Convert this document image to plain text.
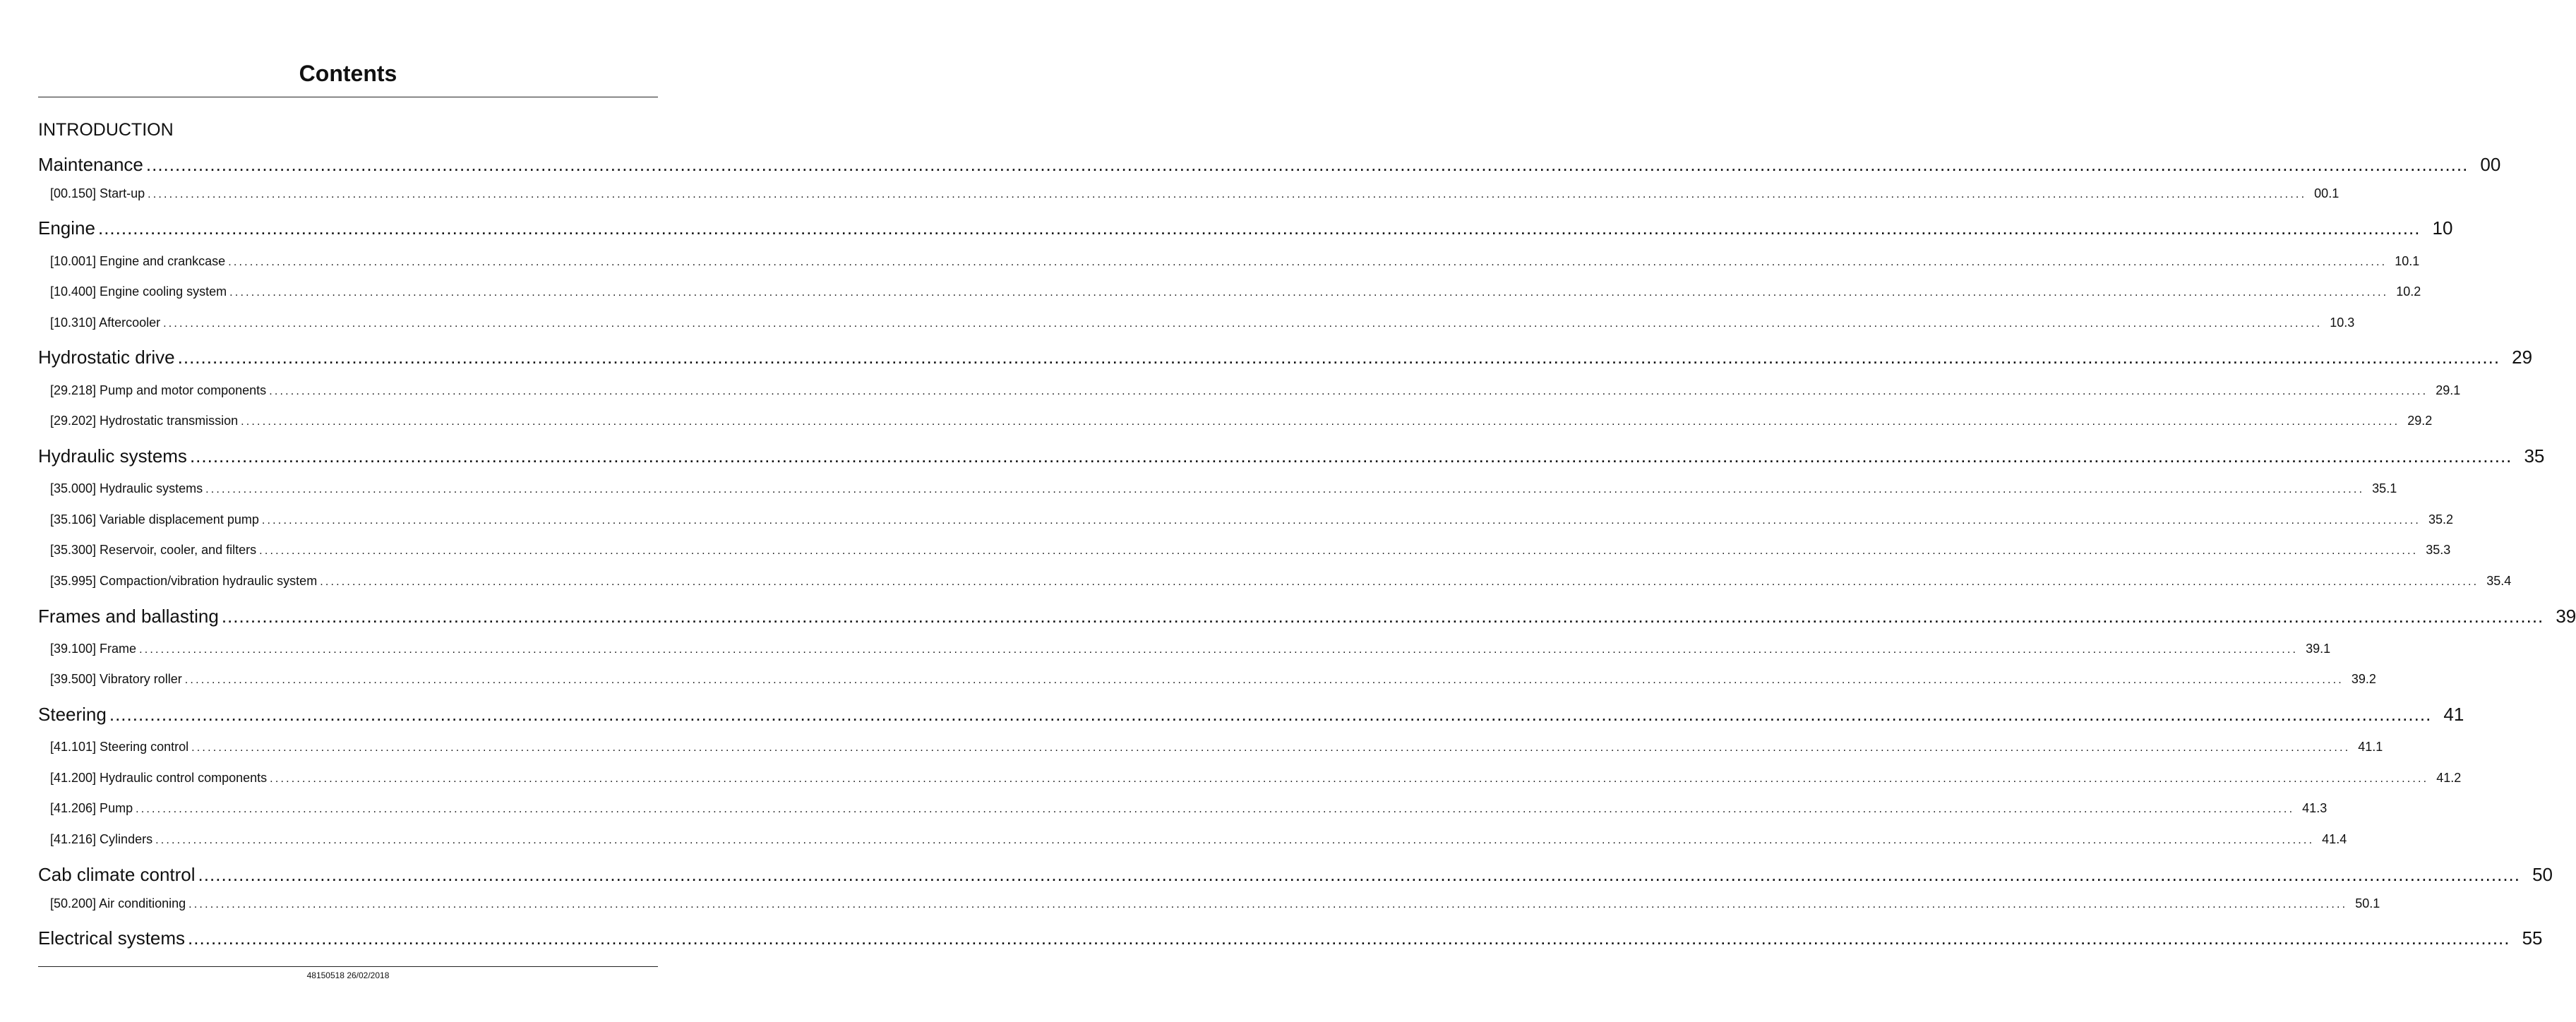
Contents

INTRODUCTION

Maintenance ................................................................................................................................................................................................................................................................................................................................................................................................................ 00
[00.150] Start-up ................................................................................................................................................................................................................................................................................................................................................................................................................ 00.1
Engine ................................................................................................................................................................................................................................................................................................................................................................................................................ 10
[10.001] Engine and crankcase ................................................................................................................................................................................................................................................................................................................................................................................................................ 10.1
[10.400] Engine cooling system ................................................................................................................................................................................................................................................................................................................................................................................................................ 10.2
[10.310] Aftercooler ................................................................................................................................................................................................................................................................................................................................................................................................................ 10.3
Hydrostatic drive ................................................................................................................................................................................................................................................................................................................................................................................................................ 29
[29.218] Pump and motor components ................................................................................................................................................................................................................................................................................................................................................................................................................ 29.1
[29.202] Hydrostatic transmission ................................................................................................................................................................................................................................................................................................................................................................................................................ 29.2
Hydraulic systems ................................................................................................................................................................................................................................................................................................................................................................................................................ 35
[35.000] Hydraulic systems ................................................................................................................................................................................................................................................................................................................................................................................................................ 35.1
[35.106] Variable displacement pump ................................................................................................................................................................................................................................................................................................................................................................................................................ 35.2
[35.300] Reservoir, cooler, and filters ................................................................................................................................................................................................................................................................................................................................................................................................................ 35.3
[35.995] Compaction/vibration hydraulic system ................................................................................................................................................................................................................................................................................................................................................................................................................ 35.4
Frames and ballasting ................................................................................................................................................................................................................................................................................................................................................................................................................ 39
[39.100] Frame ................................................................................................................................................................................................................................................................................................................................................................................................................ 39.1
[39.500] Vibratory roller ................................................................................................................................................................................................................................................................................................................................................................................................................ 39.2
Steering ................................................................................................................................................................................................................................................................................................................................................................................................................ 41
[41.101] Steering control ................................................................................................................................................................................................................................................................................................................................................................................................................ 41.1
[41.200] Hydraulic control components ................................................................................................................................................................................................................................................................................................................................................................................................................ 41.2
[41.206] Pump ................................................................................................................................................................................................................................................................................................................................................................................................................ 41.3
[41.216] Cylinders ................................................................................................................................................................................................................................................................................................................................................................................................................ 41.4
Cab climate control ................................................................................................................................................................................................................................................................................................................................................................................................................ 50
[50.200] Air conditioning ................................................................................................................................................................................................................................................................................................................................................................................................................ 50.1
Electrical systems ................................................................................................................................................................................................................................................................................................................................................................................................................ 55

48150518 26/02/2018
